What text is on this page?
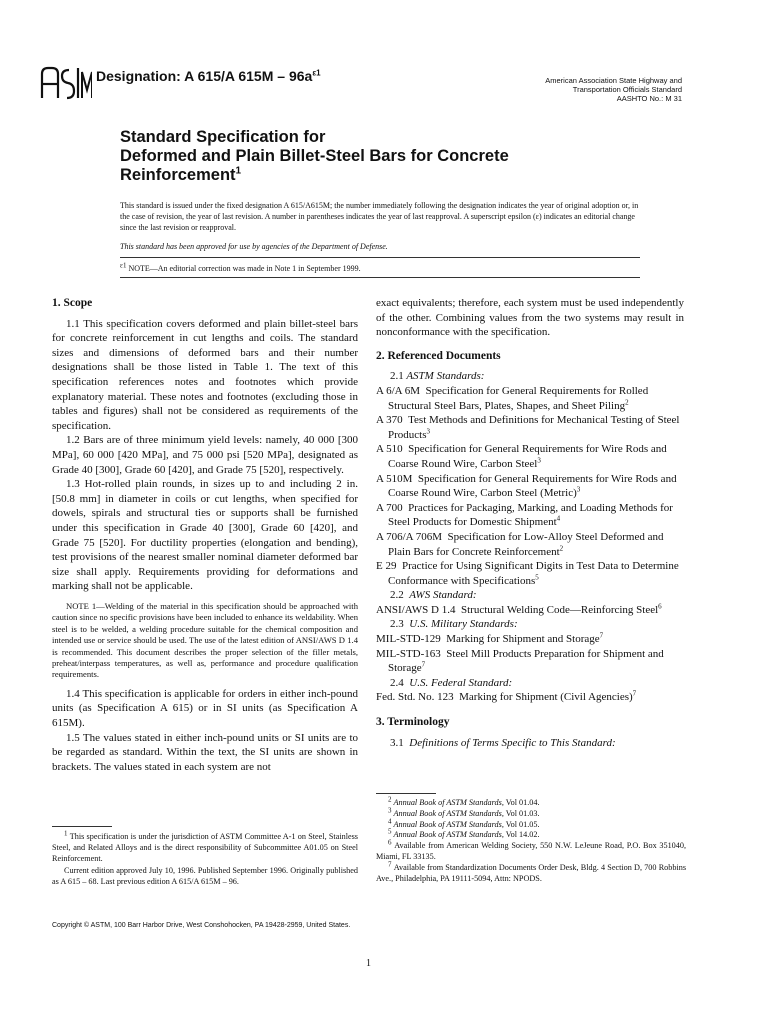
Designation: A 615/A $615M - 96a^{\varepsilon 1}$
American Association State Highway and
Transportation Officials Standard
AASHTO No.: M 31
Standard Specification for
Deformed and Plain Billet-Steel Bars for Concrete
Reinforcement$^1$

This standard is issued under the fixed designation A 615/A615M; the number immediately following the designation indicates the year of original adoption or, in the case of revision, the year of last revision. A number in parentheses indicates the year of last reapproval. A superscript epsilon (ε) indicates an editorial change since the last revision or reapproval.

This standard has been approved for use by agencies of the Department of Defense.
$^{\varepsilon 1}$ NOTE—An editorial correction was made in Note 1 in September 1999.

1. Scope

1.1 This specification covers deformed and plain billet-steel bars for concrete reinforcement in cut lengths and coils. The standard sizes and dimensions of deformed bars and their number designations shall be those listed in Table 1. The text of this specification references notes and footnotes which provide explanatory material. These notes and footnotes (excluding those in tables and figures) shall not be considered as requirements of the specification.

1.2 Bars are of three minimum yield levels: namely, 40 000 [300 MPa], 60 000 [420 MPa], and 75 000 psi [520 MPa], designated as Grade 40 [300], Grade 60 [420], and Grade 75 [520], respectively.

1.3 Hot-rolled plain rounds, in sizes up to and including 2 in. [50.8 mm] in diameter in coils or cut lengths, when specified for dowels, spirals and structural ties or supports shall be furnished under this specification in Grade 40 [300], Grade 60 [420], and Grade 75 [520]. For ductility properties (elongation and bending), test provisions of the nearest smaller nominal diameter deformed bar size shall apply. Requirements providing for deformations and marking shall not be applicable.

NOTE 1—Welding of the material in this specification should be approached with caution since no specific provisions have been included to enhance its weldability. When steel is to be welded, a welding procedure suitable for the chemical composition and intended use or service should be used. The use of the latest edition of ANSI/AWS D 1.4 is recommended. This document describes the proper selection of the filler metals, preheat/interpass temperatures, as well as, performance and procedure qualification requirements.

1.4 This specification is applicable for orders in either inch-pound units (as Specification A 615) or in SI units (as Specification A 615M).

1.5 The values stated in either inch-pound units or SI units are to be regarded as standard. Within the text, the SI units are shown in brackets. The values stated in each system are not

exact equivalents; therefore, each system must be used independently of the other. Combining values from the two systems may result in nonconformance with the specification.

2. Referenced Documents

2.1 ASTM Standards:

A 6/A 6M Specification for General Requirements for Rolled Structural Steel Bars, Plates, Shapes, and Sheet Piling$^2$

A 370 Test Methods and Definitions for Mechanical Testing of Steel Products$^3$

A 510 Specification for General Requirements for Wire Rods and Coarse Round Wire, Carbon Steel$^3$

A 510M Specification for General Requirements for Wire Rods and Coarse Round Wire, Carbon Steel (Metric)$^3$

A 700 Practices for Packaging, Marking, and Loading Methods for Steel Products for Domestic Shipment$^4$

A 706/A 706M Specification for Low-Alloy Steel Deformed and Plain Bars for Concrete Reinforcement$^2$

E 29 Practice for Using Significant Digits in Test Data to Determine Conformance with Specifications$^5$

2.2 AWS Standard:

ANSI/AWS D 1.4 Structural Welding Code—Reinforcing Steel$^6$

2.3 U.S. Military Standards:

MIL-STD-129 Marking for Shipment and Storage$^7$

MIL-STD-163 Steel Mill Products Preparation for Shipment and Storage$^7$

2.4 U.S. Federal Standard:

Fed. Std. No. 123 Marking for Shipment (Civil Agencies)$^7$

3. Terminology

3.1 Definitions of Terms Specific to This Standard:

$^1$ This specification is under the jurisdiction of ASTM Committee A-1 on Steel, Stainless Steel, and Related Alloys and is the direct responsibility of Subcommittee A01.05 on Steel Reinforcement.

Current edition approved July 10, 1996. Published September 1996. Originally published as A 615 – 68. Last previous edition A 615/A 615M – 96.

$^2$ Annual Book of ASTM Standards, Vol 01.04.

$^3$ Annual Book of ASTM Standards, Vol 01.03.

$^4$ Annual Book of ASTM Standards, Vol 01.05.

$^5$ Annual Book of ASTM Standards, Vol 14.02.

$^6$ Available from American Welding Society, 550 N.W. LeJeune Road, P.O. Box 351040, Miami, FL 33135.

$^7$ Available from Standardization Documents Order Desk, Bldg. 4 Section D, 700 Robbins Ave., Philadelphia, PA 19111-5094, Attn: NPODS.

Copyright © ASTM, 100 Barr Harbor Drive, West Conshohocken, PA 19428-2959, United States.
1
